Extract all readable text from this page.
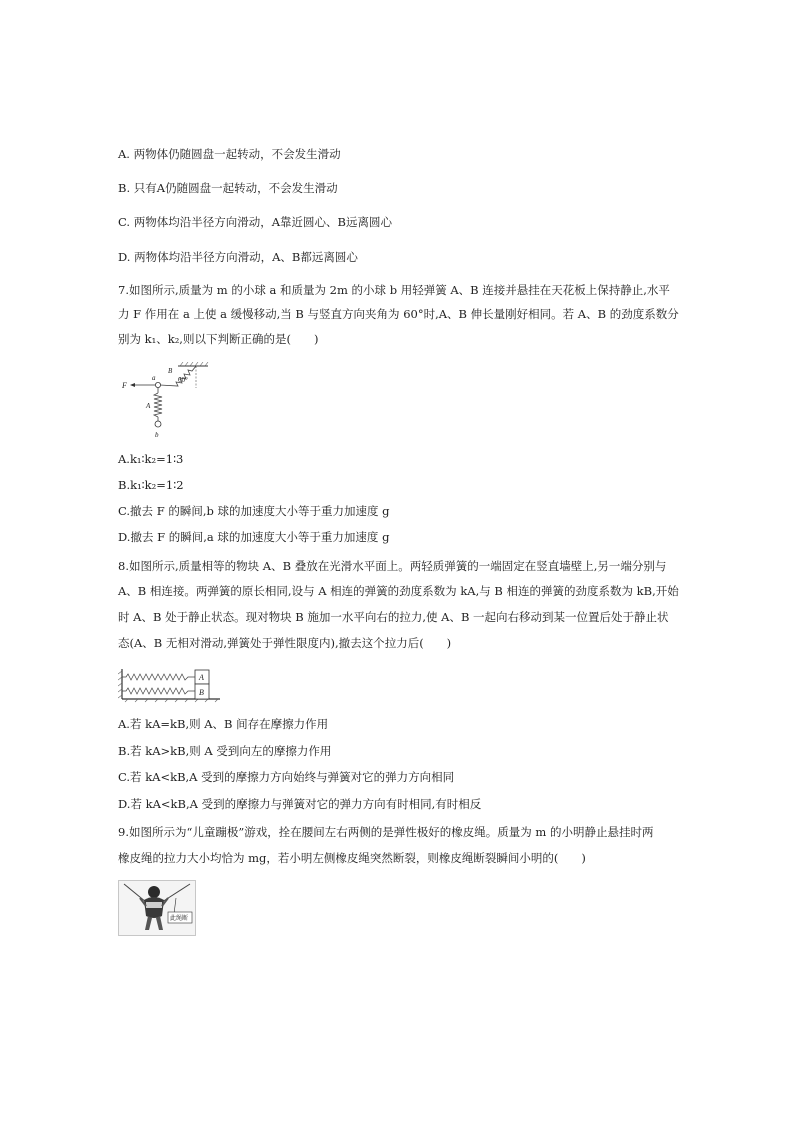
A. 两物体仍随圆盘一起转动，不会发生滑动
B. 只有A仍随圆盘一起转动，不会发生滑动
C. 两物体均沿半径方向滑动，A靠近圆心、B远离圆心
D. 两物体均沿半径方向滑动，A、B都远离圆心
7.如图所示,质量为 m 的小球 a 和质量为 2m 的小球 b 用轻弹簧 A、B 连接并悬挂在天花板上保持静止,水平
力 F 作用在 a 上使 a 缓慢移动,当 B 与竖直方向夹角为 60°时,A、B 伸长量刚好相同。若 A、B 的劲度系数分
别为 k₁、k₂,则以下判断正确的是(　　)
F
a
B
60°
A
b
A.k₁∶k₂=1∶3
B.k₁∶k₂=1∶2
C.撤去 F 的瞬间,b 球的加速度大小等于重力加速度 g
D.撤去 F 的瞬间,a 球的加速度大小等于重力加速度 g
8.如图所示,质量相等的物块 A、B 叠放在光滑水平面上。两轻质弹簧的一端固定在竖直墙壁上,另一端分别与
A、B 相连接。两弹簧的原长相同,设与 A 相连的弹簧的劲度系数为 kA,与 B 相连的弹簧的劲度系数为 kB,开始
时 A、B 处于静止状态。现对物块 B 施加一水平向右的拉力,使 A、B 一起向右移动到某一位置后处于静止状
态(A、B 无相对滑动,弹簧处于弹性限度内),撤去这个拉力后(　　)
A
B
A.若 kA=kB,则 A、B 间存在摩擦力作用
B.若 kA>kB,则 A 受到向左的摩擦力作用
C.若 kA<kB,A 受到的摩擦力方向始终与弹簧对它的弹力方向相同
D.若 kA<kB,A 受到的摩擦力与弹簧对它的弹力方向有时相同,有时相反
9.如图所示为“儿童蹦极”游戏，拴在腰间左右两侧的是弹性极好的橡皮绳。质量为 m 的小明静止悬挂时两
橡皮绳的拉力大小均恰为 mg，若小明左侧橡皮绳突然断裂，则橡皮绳断裂瞬间小明的(　　)
此绳断
